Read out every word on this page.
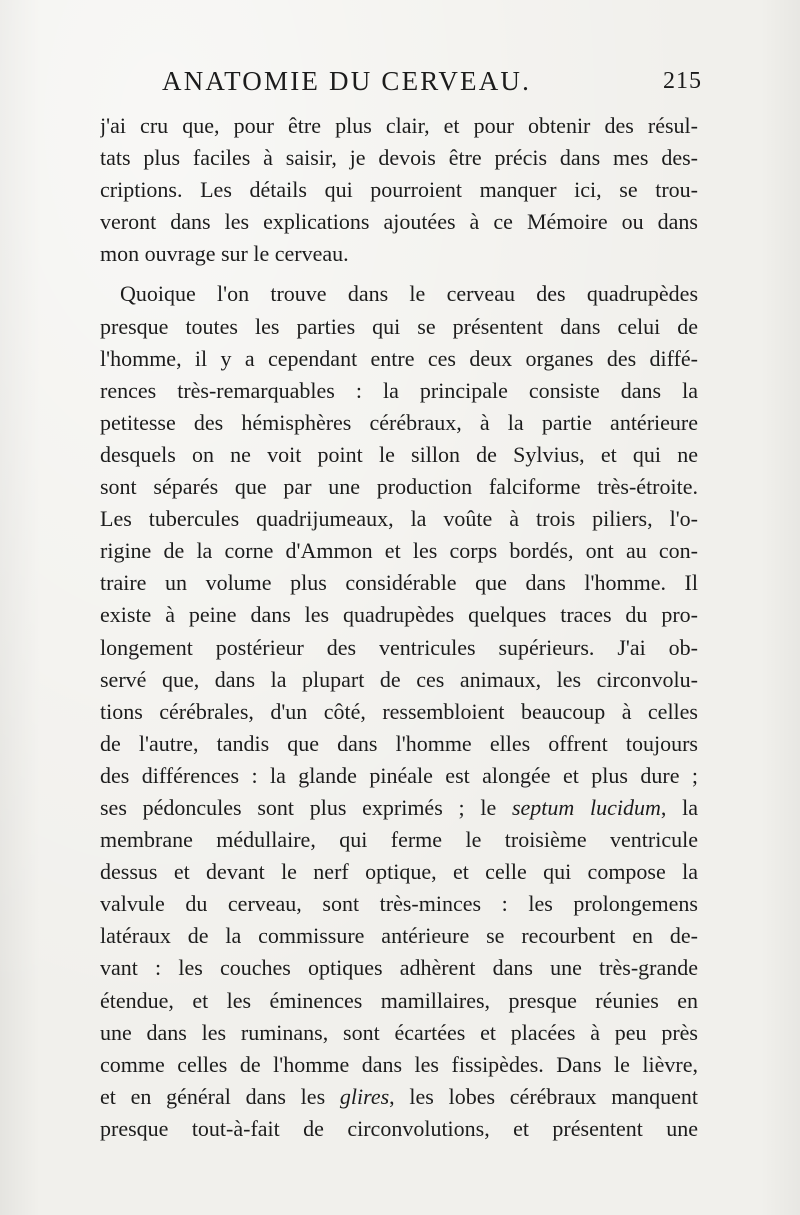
ANATOMIE DU CERVEAU.	215
j'ai cru que, pour être plus clair, et pour obtenir des résul-
tats plus faciles à saisir, je devois être précis dans mes des-
criptions. Les détails qui pourroient manquer ici, se trou-
veront dans les explications ajoutées à ce Mémoire ou dans
mon ouvrage sur le cerveau.
Quoique l'on trouve dans le cerveau des quadrupèdes
presque toutes les parties qui se présentent dans celui de
l'homme, il y a cependant entre ces deux organes des diffé-
rences très-remarquables : la principale consiste dans la
petitesse des hémisphères cérébraux, à la partie antérieure
desquels on ne voit point le sillon de Sylvius, et qui ne
sont séparés que par une production falciforme très-étroite.
Les tubercules quadrijumeaux, la voûte à trois piliers, l'o-
rigine de la corne d'Ammon et les corps bordés, ont au con-
traire un volume plus considérable que dans l'homme. Il
existe à peine dans les quadrupèdes quelques traces du pro-
longement postérieur des ventricules supérieurs. J'ai ob-
servé que, dans la plupart de ces animaux, les circonvolu-
tions cérébrales, d'un côté, ressembloient beaucoup à celles
de l'autre, tandis que dans l'homme elles offrent toujours
des différences : la glande pinéale est alongée et plus dure ;
ses pédoncules sont plus exprimés ; le septum lucidum, la
membrane médullaire, qui ferme le troisième ventricule
dessus et devant le nerf optique, et celle qui compose la
valvule du cerveau, sont très-minces : les prolongemens
latéraux de la commissure antérieure se recourbent en de-
vant : les couches optiques adhèrent dans une très-grande
étendue, et les éminences mamillaires, presque réunies en
une dans les ruminans, sont écartées et placées à peu près
comme celles de l'homme dans les fissipèdes. Dans le lièvre,
et en général dans les glires, les lobes cérébraux manquent
presque tout-à-fait de circonvolutions, et présentent une
